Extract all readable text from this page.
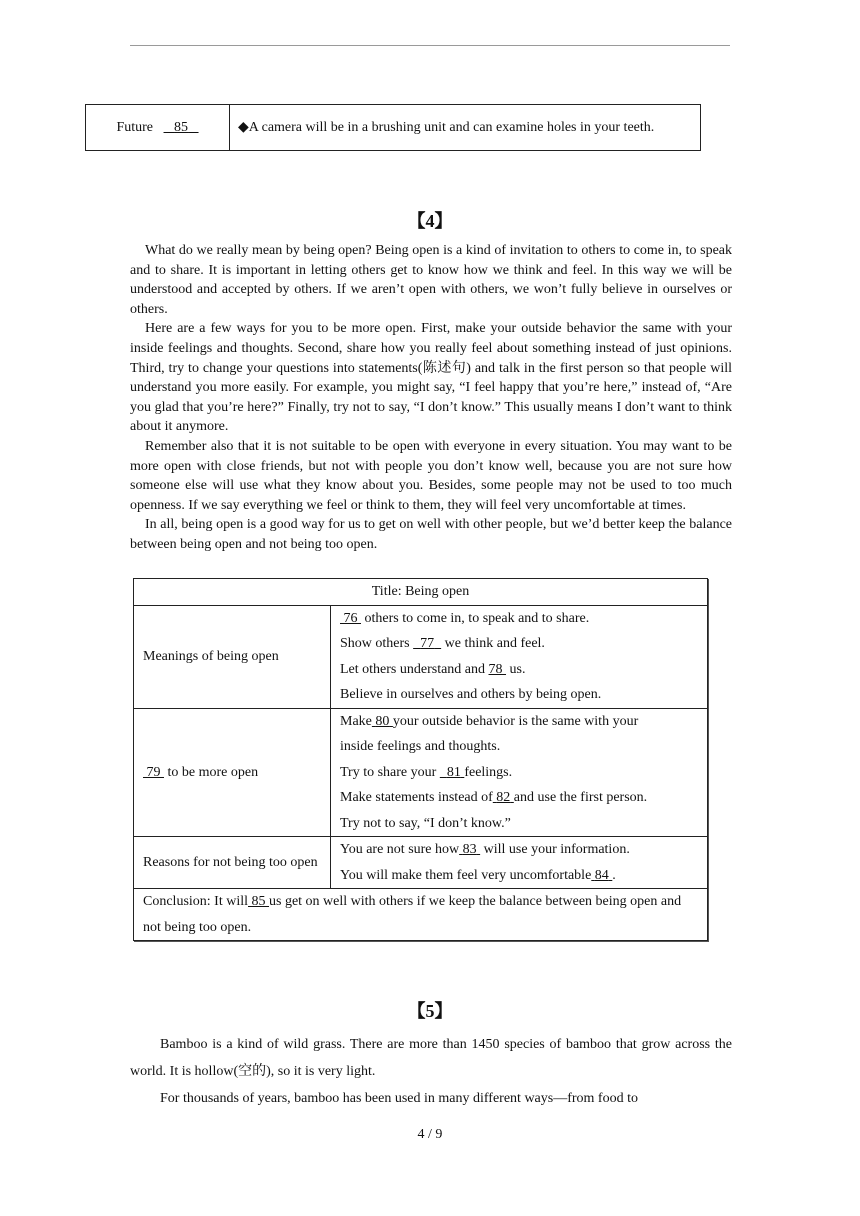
Future 85	◆A camera will be in a brushing unit and can examine holes in your teeth.
【4】

What do we really mean by being open? Being open is a kind of invitation to others to come in, to speak and to share. It is important in letting others get to know how we think and feel. In this way we will be understood and accepted by others. If we aren’t open with others, we won’t fully believe in ourselves or others.

Here are a few ways for you to be more open. First, make your outside behavior the same with your inside feelings and thoughts. Second, share how you really feel about something instead of just opinions. Third, try to change your questions into statements(陈述句) and talk in the first person so that people will understand you more easily. For example, you might say, “I feel happy that you’re here,” instead of, “Are you glad that you’re here?” Finally, try not to say, “I don’t know.” This usually means I don’t want to think about it anymore.

Remember also that it is not suitable to be open with everyone in every situation. You may want to be more open with close friends, but not with people you don’t know well, because you are not sure how someone else will use what they know about you. Besides, some people may not be used to too much openness. If we say everything we feel or think to them, they will feel very uncomfortable at times.

In all, being open is a good way for us to get on well with other people, but we’d better keep the balance between being open and not being too open.

Title: Being open	
Meanings of being open	76  others to come in, to speak and to share.
Show others   77   we think and feel.
Let others understand and 78  us.
Believe in ourselves and others by being open.

79  to be more open	Make 80 your outside behavior is the same with your
inside feelings and thoughts.
Try to share your   81 feelings.
Make statements instead of 82 and use the first person.
Try not to say, “I don’t know.”

Reasons for not being too open	You are not sure how 83  will use your information.
You will make them feel very uncomfortable 84 .

Conclusion: It will 85 us get on well with others if we keep the balance between being open and not being too open.	
【5】

Bamboo is a kind of wild grass. There are more than 1450 species of bamboo that grow across the world. It is hollow(空的), so it is very light.

For thousands of years, bamboo has been used in many different ways—from food to

4 / 9
